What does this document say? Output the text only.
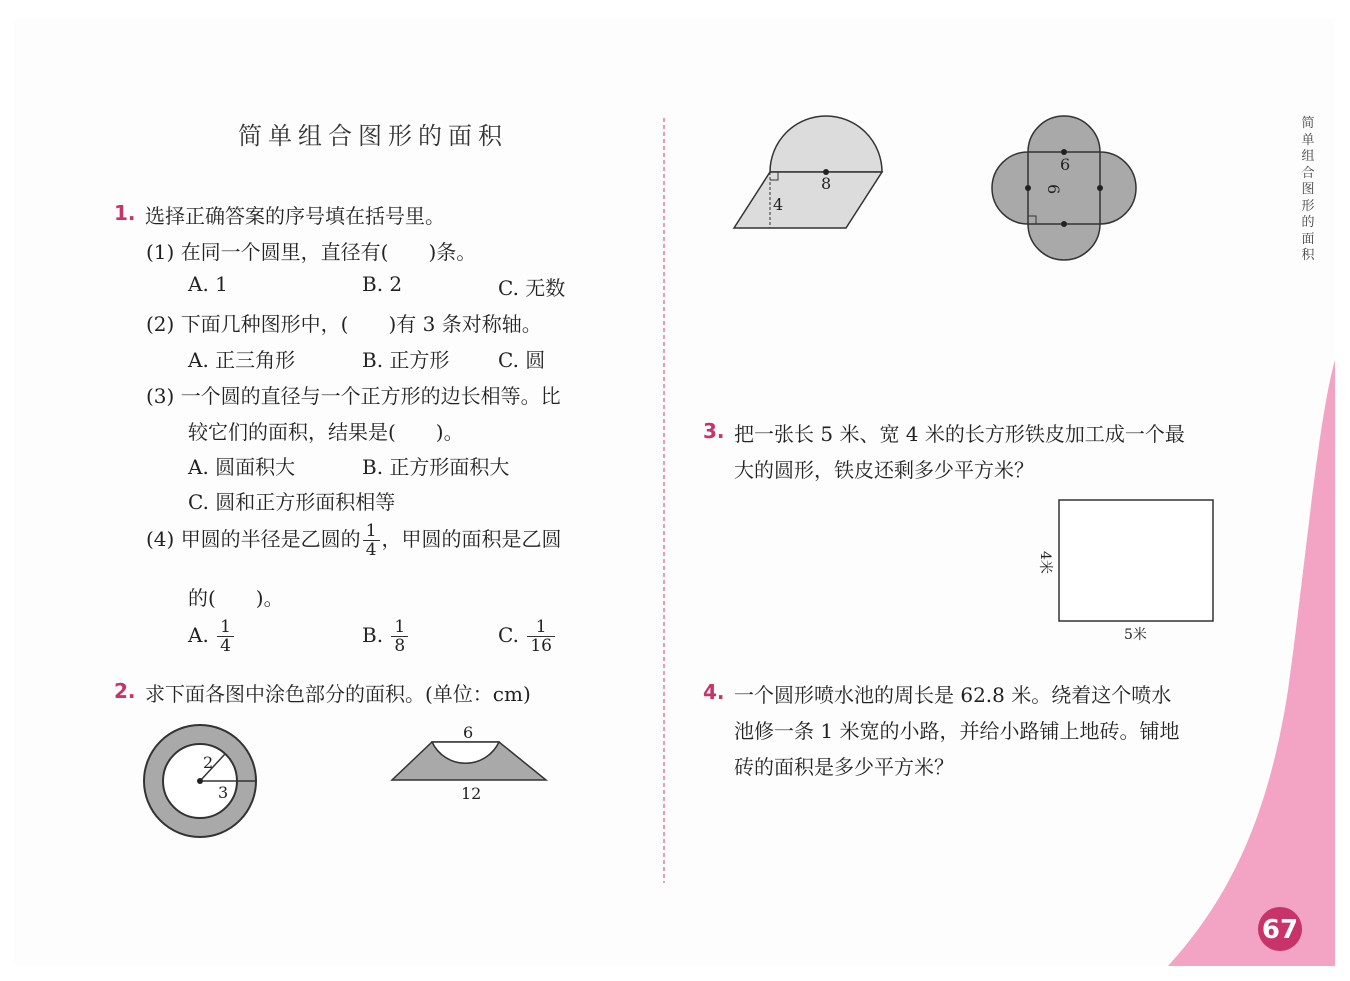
简单组合图形的面积
1. 选择正确答案的序号填在括号里。
(1) 在同一个圆里，直径有(　　)条。
A. 1	B. 2	C. 无数
(2) 下面几种图形中，(　　)有 3 条对称轴。
A. 正三角形	B. 正方形 C. 圆
(3) 一个圆的直径与一个正方形的边长相等。比
较它们的面积，结果是(　　)。
A. 圆面积大	B. 正方形面积大
C. 圆和正方形面积相等
(4) 甲圆的半径是乙圆的 $\frac{1}{4}$ ，甲圆的面积是乙圆
的(　　)。
A. $\frac{1}{4}$	B. $\frac{1}{8}$	C. $\frac{1}{16}$
2. 求下面各图中涂色部分的面积。(单位：cm)
2
3
6
12
8
4
6
6
3. 把一张长 5 米、宽 4 米的长方形铁皮加工成一个最
大的圆形，铁皮还剩多少平方米？
4米
5米
4. 一个圆形喷水池的周长是 62.8 米。绕着这个喷水
池修一条 1 米宽的小路，并给小路铺上地砖。铺地
砖的面积是多少平方米？
67
简
单
组
合
图
形
的
面
积
